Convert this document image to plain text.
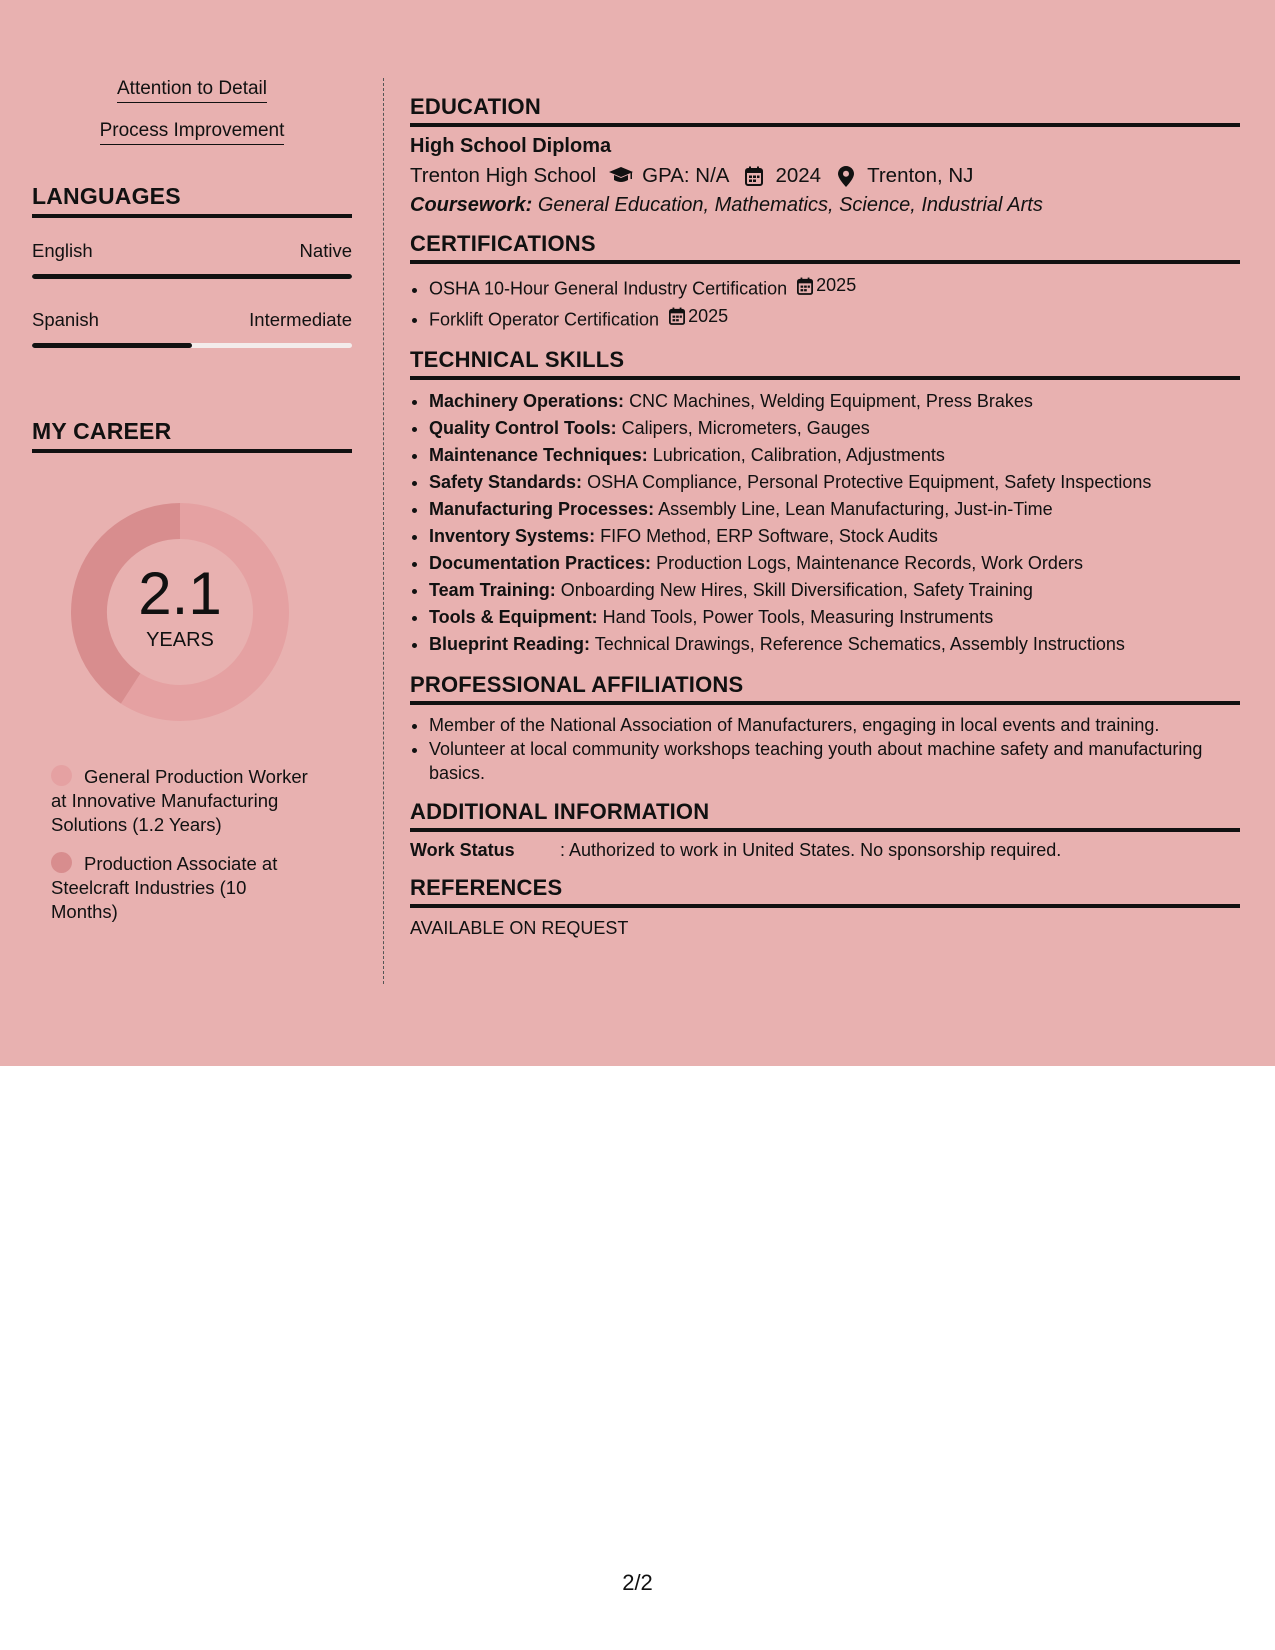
Attention to Detail
Process Improvement
LANGUAGES
English	Native
Spanish	Intermediate
MY CAREER
2.1
YEARS
General Production Worker at Innovative Manufacturing Solutions (1.2 Years)
Production Associate at Steelcraft Industries (10 Months)
EDUCATION
High School Diploma
Trenton High School GPA: N/A 2024 Trenton, NJ
Coursework: General Education, Mathematics, Science, Industrial Arts
CERTIFICATIONS
• OSHA 10-Hour General Industry Certification 2025
• Forklift Operator Certification 2025
TECHNICAL SKILLS
• Machinery Operations: CNC Machines, Welding Equipment, Press Brakes
• Quality Control Tools: Calipers, Micrometers, Gauges
• Maintenance Techniques: Lubrication, Calibration, Adjustments
• Safety Standards: OSHA Compliance, Personal Protective Equipment, Safety Inspections
• Manufacturing Processes: Assembly Line, Lean Manufacturing, Just-in-Time
• Inventory Systems: FIFO Method, ERP Software, Stock Audits
• Documentation Practices: Production Logs, Maintenance Records, Work Orders
• Team Training: Onboarding New Hires, Skill Diversification, Safety Training
• Tools & Equipment: Hand Tools, Power Tools, Measuring Instruments
• Blueprint Reading: Technical Drawings, Reference Schematics, Assembly Instructions
PROFESSIONAL AFFILIATIONS
• Member of the National Association of Manufacturers, engaging in local events and training.
• Volunteer at local community workshops teaching youth about machine safety and manufacturing basics.
ADDITIONAL INFORMATION
Work Status	: Authorized to work in United States. No sponsorship required.
REFERENCES
AVAILABLE ON REQUEST
2/2
